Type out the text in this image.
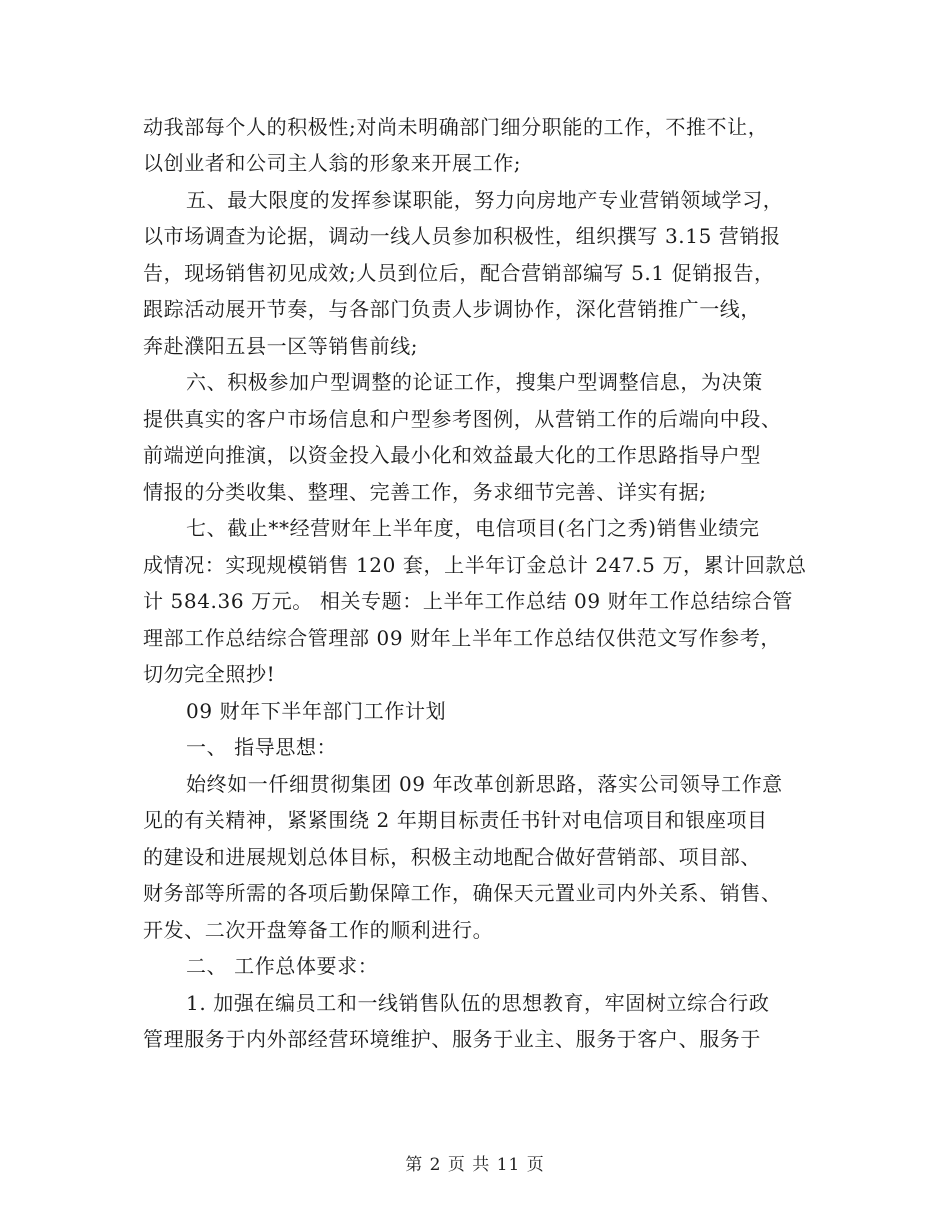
动我部每个人的积极性;对尚未明确部门细分职能的工作，不推不让，
以创业者和公司主人翁的形象来开展工作;
五、最大限度的发挥参谋职能，努力向房地产专业营销领域学习，
以市场调查为论据，调动一线人员参加积极性，组织撰写 3.15 营销报
告，现场销售初见成效;人员到位后，配合营销部编写 5.1 促销报告，
跟踪活动展开节奏，与各部门负责人步调协作，深化营销推广一线，
奔赴濮阳五县一区等销售前线;
六、积极参加户型调整的论证工作，搜集户型调整信息，为决策
提供真实的客户市场信息和户型参考图例，从营销工作的后端向中段、
前端逆向推演，以资金投入最小化和效益最大化的工作思路指导户型
情报的分类收集、整理、完善工作，务求细节完善、详实有据;
七、截止**经营财年上半年度，电信项目(名门之秀)销售业绩完
成情况：实现规模销售 120 套，上半年订金总计 247.5 万，累计回款总
计 584.36 万元。 相关专题：上半年工作总结 09 财年工作总结综合管
理部工作总结综合管理部 09 财年上半年工作总结仅供范文写作参考，
切勿完全照抄!
09 财年下半年部门工作计划
一、 指导思想：
始终如一仟细贯彻集团 09 年改革创新思路，落实公司领导工作意
见的有关精神，紧紧围绕 2 年期目标责任书针对电信项目和银座项目
的建设和进展规划总体目标，积极主动地配合做好营销部、项目部、
财务部等所需的各项后勤保障工作，确保天元置业司内外关系、销售、
开发、二次开盘筹备工作的顺利进行。
二、 工作总体要求：
1. 加强在编员工和一线销售队伍的思想教育，牢固树立综合行政
管理服务于内外部经营环境维护、服务于业主、服务于客户、服务于
第 2 页 共 11 页
